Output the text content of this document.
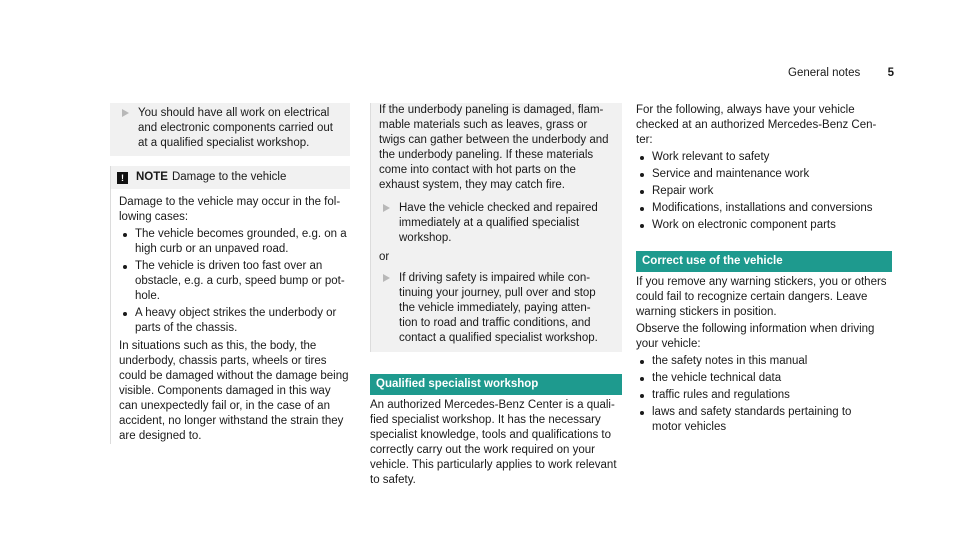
General notes 5

You should have all work on electrical

and electronic components carried out

at a qualified specialist workshop.

!	NOTE Damage to the vehicle

Damage to the vehicle may occur in the fol-
lowing cases:

The vehicle becomes grounded, e.g. on a
high curb or an unpaved road.
The vehicle is driven too fast over an
obstacle, e.g. a curb, speed bump or pot-
hole.
A heavy object strikes the underbody or
parts of the chassis.

In situations such as this, the body, the
underbody, chassis parts, wheels or tires
could be damaged without the damage being
visible. Components damaged in this way
can unexpectedly fail or, in the case of an
accident, no longer withstand the strain they
are designed to.

If the underbody paneling is damaged, flam-
mable materials such as leaves, grass or
twigs can gather between the underbody and
the underbody paneling. If these materials
come into contact with hot parts on the
exhaust system, they may catch fire.

Have the vehicle checked and repaired

immediately at a qualified specialist

workshop.

or

If driving safety is impaired while con-

tinuing your journey, pull over and stop

the vehicle immediately, paying atten-

tion to road and traffic conditions, and

contact a qualified specialist workshop.

Qualified specialist workshop

An authorized Mercedes-Benz Center is a quali-
fied specialist workshop. It has the necessary
specialist knowledge, tools and qualifications to
correctly carry out the work required on your
vehicle. This particularly applies to work relevant
to safety.

For the following, always have your vehicle
checked at an authorized Mercedes-Benz Cen-
ter:

Work relevant to safety
Service and maintenance work
Repair work
Modifications, installations and conversions
Work on electronic component parts
Correct use of the vehicle

If you remove any warning stickers, you or others
could fail to recognize certain dangers. Leave
warning stickers in position.

Observe the following information when driving
your vehicle:

the safety notes in this manual
the vehicle technical data
traffic rules and regulations
laws and safety standards pertaining to
motor vehicles
